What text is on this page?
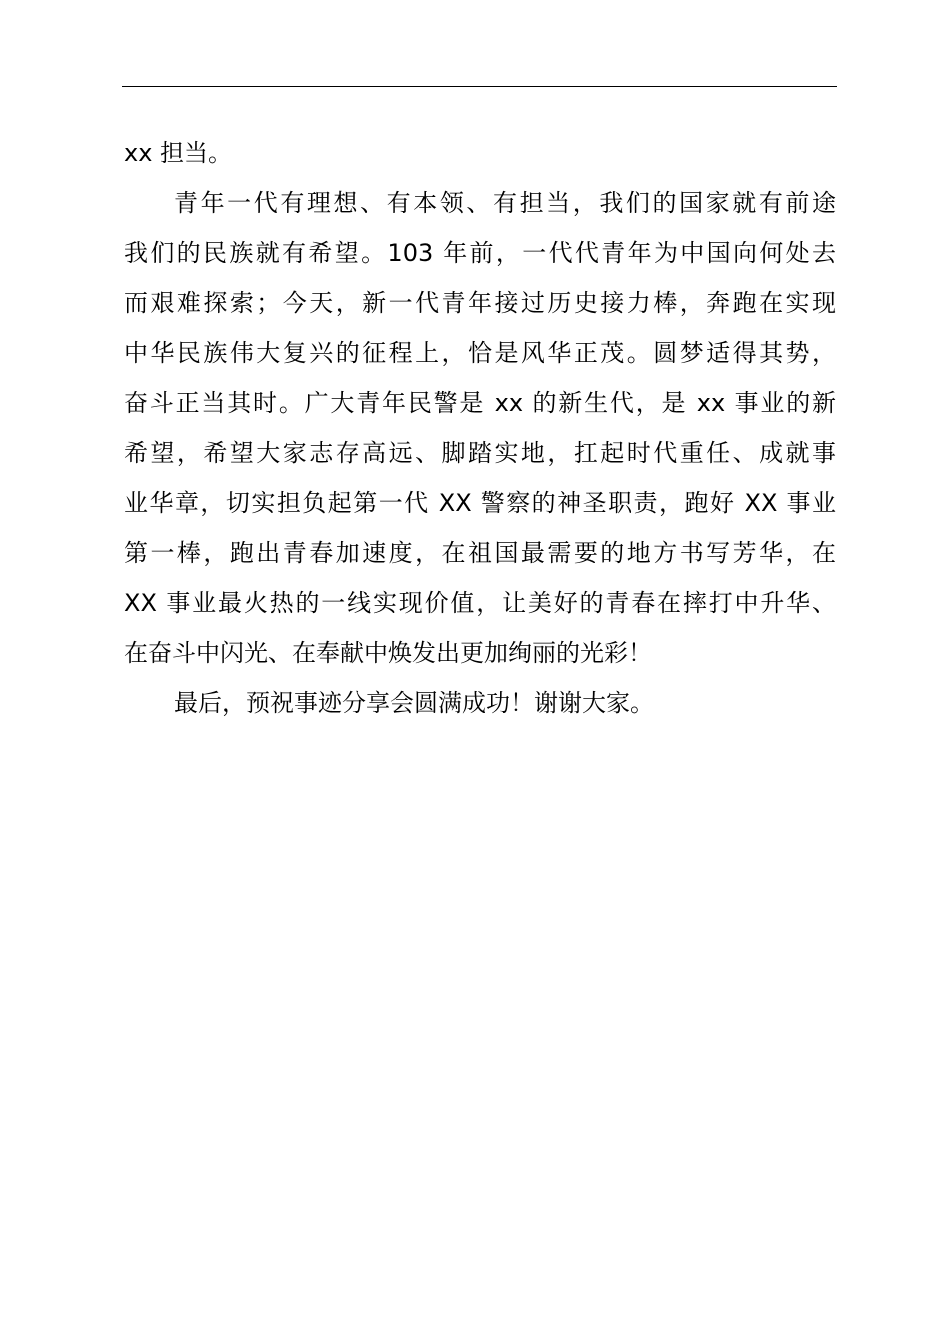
xx 担当。
青年一代有理想、有本领、有担当，我们的国家就有前途
我们的民族就有希望。103 年前，一代代青年为中国向何处去
而艰难探索；今天，新一代青年接过历史接力棒，奔跑在实现
中华民族伟大复兴的征程上，恰是风华正茂。圆梦适得其势，
奋斗正当其时。广大青年民警是 xx 的新生代，是 xx 事业的新
希望，希望大家志存高远、脚踏实地，扛起时代重任、成就事
业华章，切实担负起第一代 XX 警察的神圣职责，跑好 XX 事业
第一棒，跑出青春加速度，在祖国最需要的地方书写芳华，在
XX 事业最火热的一线实现价值，让美好的青春在摔打中升华、
在奋斗中闪光、在奉献中焕发出更加绚丽的光彩！
最后，预祝事迹分享会圆满成功！谢谢大家。
